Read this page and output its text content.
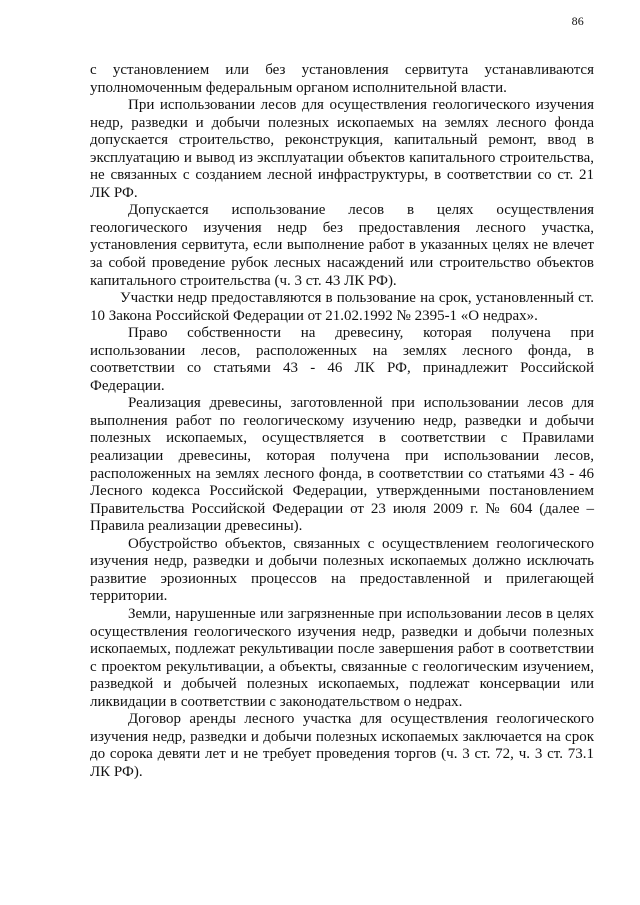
86

с установлением или без установления сервитута устанавливаются уполномоченным федеральным органом исполнительной власти.

При использовании лесов для осуществления геологического изучения недр, разведки и добычи полезных ископаемых на землях лесного фонда допускается строительство, реконструкция, капитальный ремонт, ввод в эксплуатацию и вывод из эксплуатации объектов капитального строительства, не связанных с созданием лесной инфраструктуры, в соответствии со ст. 21 ЛК РФ.

Допускается использование лесов в целях осуществления геологического изучения недр без предоставления лесного участка, установления сервитута, если выполнение работ в указанных целях не влечет за собой проведение рубок лесных насаждений или строительство объектов капитального строительства (ч. 3 ст. 43 ЛК РФ).

Участки недр предоставляются в пользование на срок, установленный ст. 10 Закона Российской Федерации от 21.02.1992 № 2395-1 «О недрах».

Право собственности на древесину, которая получена при использовании лесов, расположенных на землях лесного фонда, в соответствии со статьями 43 - 46 ЛК РФ, принадлежит Российской Федерации.

Реализация древесины, заготовленной при использовании лесов для выполнения работ по геологическому изучению недр, разведки и добычи полезных ископаемых, осуществляется в соответствии с Правилами реализации древесины, которая получена при использовании лесов, расположенных на землях лесного фонда, в соответствии со статьями 43 - 46 Лесного кодекса Российской Федерации, утвержденными постановлением Правительства Российской Федерации от 23 июля 2009 г. № 604 (далее – Правила реализации древесины).

Обустройство объектов, связанных с осуществлением геологического изучения недр, разведки и добычи полезных ископаемых должно исключать развитие эрозионных процессов на предоставленной и прилегающей территории.

Земли, нарушенные или загрязненные при использовании лесов в целях осуществления геологического изучения недр, разведки и добычи полезных ископаемых, подлежат рекультивации после завершения работ в соответствии с проектом рекультивации, а объекты, связанные с геологическим изучением, разведкой и добычей полезных ископаемых, подлежат консервации или ликвидации в соответствии с законодательством о недрах.

Договор аренды лесного участка для осуществления геологического изучения недр, разведки и добычи полезных ископаемых заключается на срок до сорока девяти лет и не требует проведения торгов (ч. 3 ст. 72, ч. 3 ст. 73.1 ЛК РФ).
